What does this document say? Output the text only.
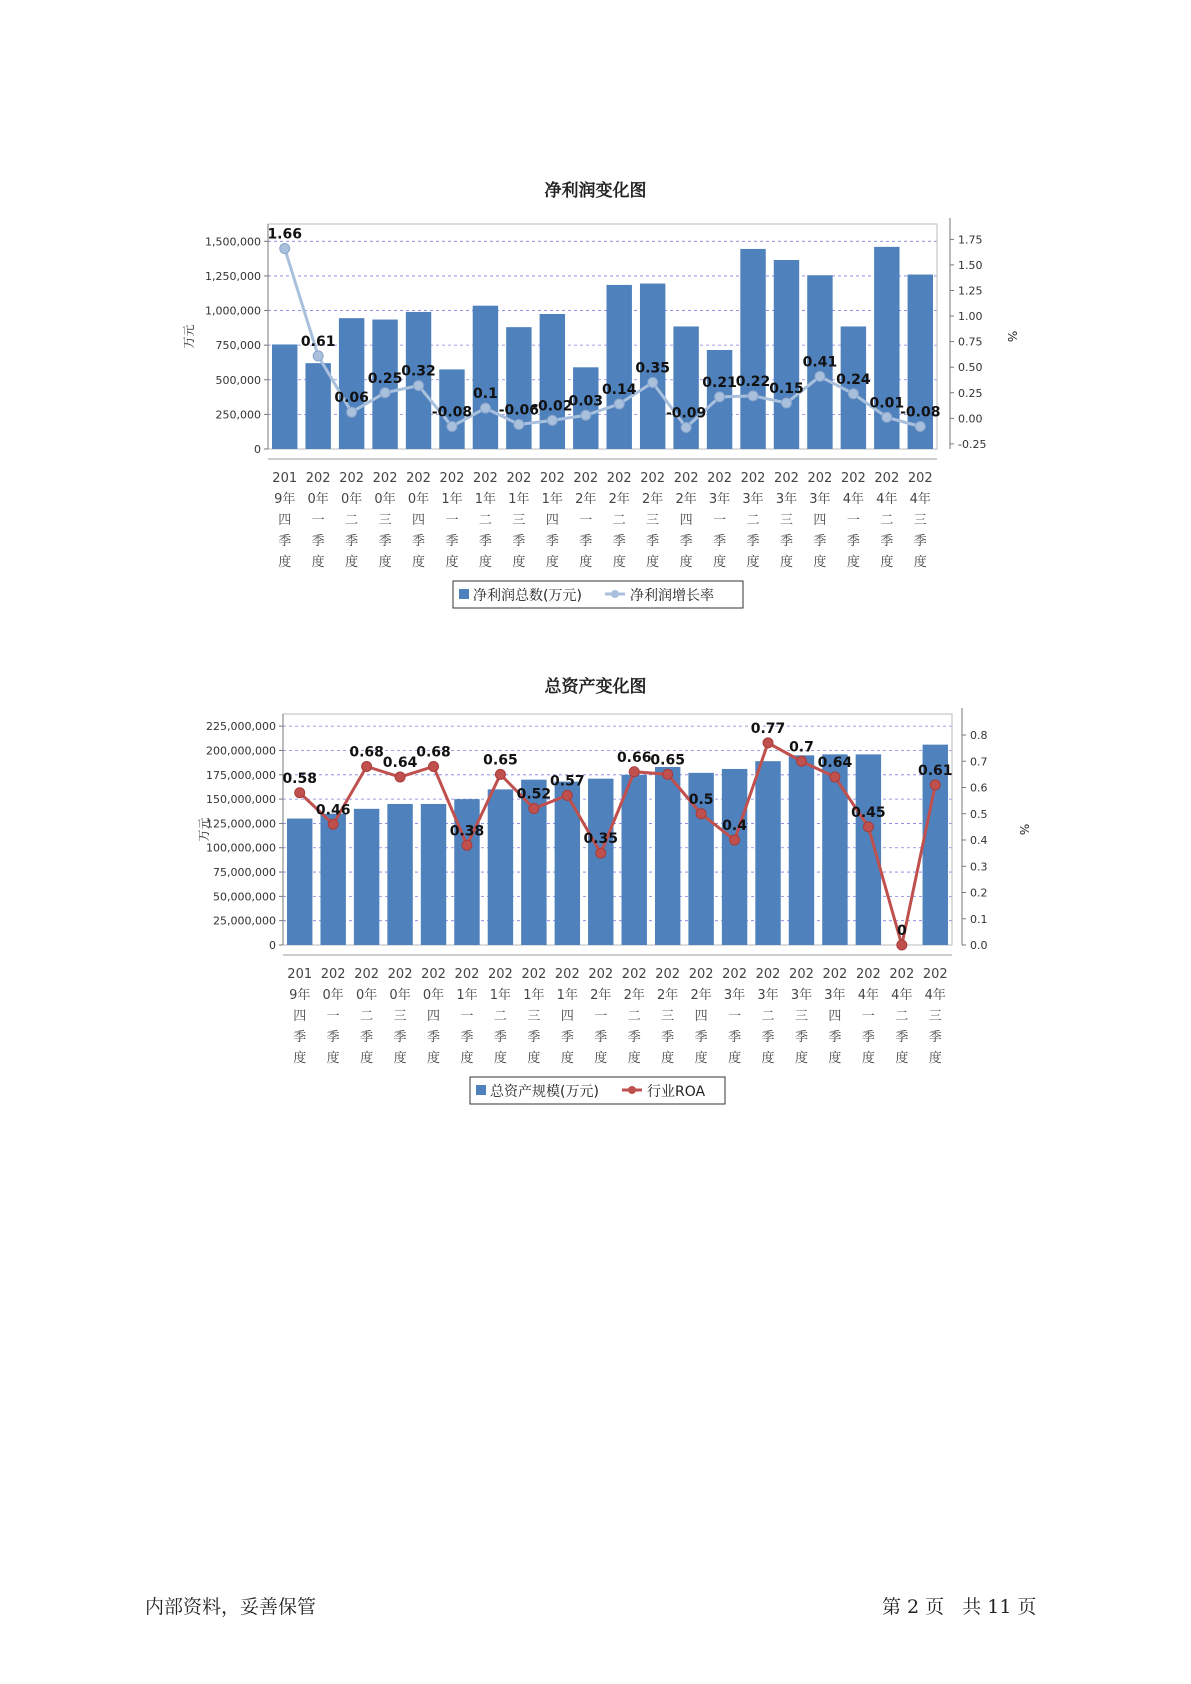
净利润变化图
0
250,000
500,000
750,000
1,000,000
1,250,000
1,500,000
-0.25
0.00
0.25
0.50
0.75
1.00
1.25
1.50
1.75
万元	%
201
9年
四
季
度
202
0年
一
季
度
202
0年
二
季
度
202
0年
三
季
度
202
0年
四
季
度
202
1年
一
季
度
202
1年
二
季
度
202
1年
三
季
度
202
1年
四
季
度
202
2年
一
季
度
202
2年
二
季
度
202
2年
三
季
度
202
2年
四
季
度
202
3年
一
季
度
202
3年
二
季
度
202
3年
三
季
度
202
3年
四
季
度
202
4年
一
季
度
202
4年
二
季
度
202
4年
三
季
度
1.66
0.61
0.06
0.25
0.32
-0.08
0.1
-0.06
-0.02
0.03
0.14
0.35
-0.09
0.21
0.22
0.15
0.41
0.24
0.01
-0.08
净利润总数(万元)	净利润增长率
总资产变化图
0
25,000,000
50,000,000
75,000,000
100,000,000
125,000,000
150,000,000
175,000,000
200,000,000
225,000,000
0.0
0.1
0.2
0.3
0.4
0.5
0.6
0.7
0.8
万元	%
201
9年
四
季
度
202
0年
一
季
度
202
0年
二
季
度
202
0年
三
季
度
202
0年
四
季
度
202
1年
一
季
度
202
1年
二
季
度
202
1年
三
季
度
202
1年
四
季
度
202
2年
一
季
度
202
2年
二
季
度
202
2年
三
季
度
202
2年
四
季
度
202
3年
一
季
度
202
3年
二
季
度
202
3年
三
季
度
202
3年
四
季
度
202
4年
一
季
度
202
4年
二
季
度
202
4年
三
季
度
0.58
0.46
0.68
0.64
0.68
0.38
0.65
0.52
0.57
0.35
0.66
0.65
0.5
0.4
0.77
0.7
0.64
0.45
0
0.61
总资产规模(万元)	行业ROA
内部资料，妥善保管	第 2 页 共 11 页
